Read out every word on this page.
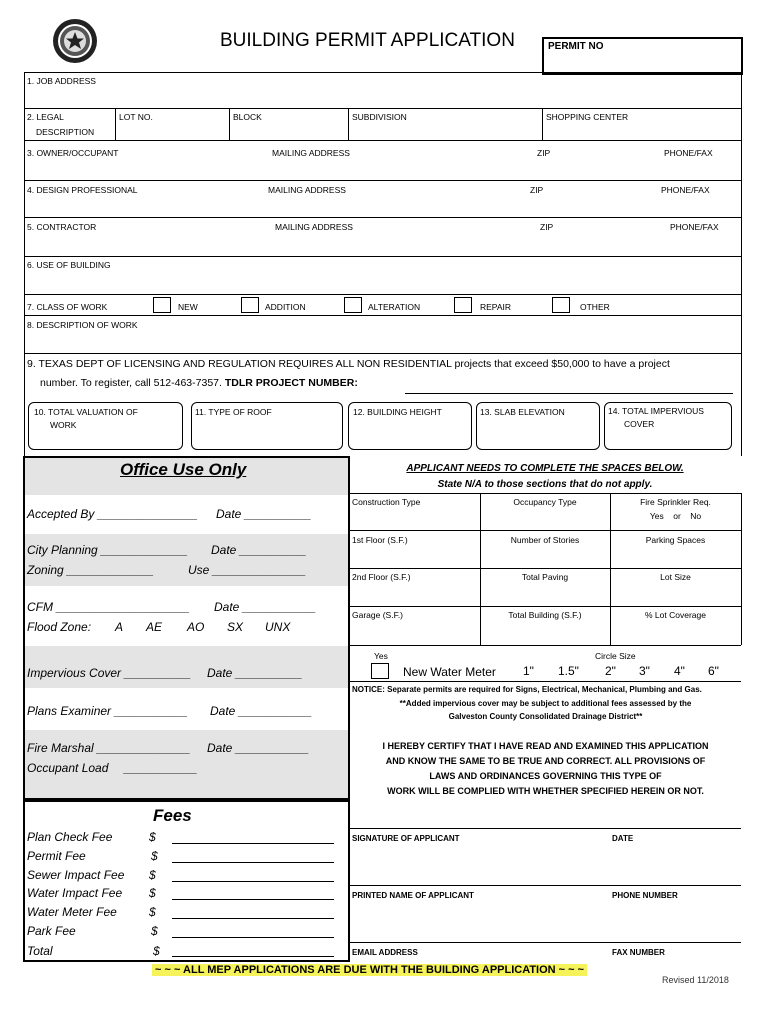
BUILDING PERMIT APPLICATION	PERMIT NO
1. JOB ADDRESS
2. LEGAL
DESCRIPTION
LOT NO.	BLOCK	SUBDIVISION	SHOPPING CENTER
3. OWNER/OCCUPANT	MAILING ADDRESS	ZIP	PHONE/FAX
4. DESIGN PROFESSIONAL	MAILING ADDRESS	ZIP	PHONE/FAX
5. CONTRACTOR	MAILING ADDRESS	ZIP	PHONE/FAX
6. USE OF BUILDING
7. CLASS OF WORK	NEW	ADDITION	ALTERATION	REPAIR	OTHER
8. DESCRIPTION OF WORK
9. TEXAS DEPT OF LICENSING AND REGULATION REQUIRES ALL NON RESIDENTIAL projects that exceed $50,000 to have a project
number. To register, call 512-463-7357. TDLR PROJECT NUMBER:
10. TOTAL VALUATION OF
WORK
11. TYPE OF ROOF	12. BUILDING HEIGHT	13. SLAB ELEVATION	14. TOTAL IMPERVIOUS
COVER
Office Use Only
Accepted By _______________ Date __________
City Planning _____________ Date __________
Zoning _____________	Use ______________
CFM ____________________ Date ___________
Flood Zone: A AE AO SX UNX
Impervious Cover __________ Date __________
Plans Examiner ___________ Date ___________
Fire Marshal ______________ Date ___________
Occupant Load ___________
Fees
Plan Check Fee	$
Permit Fee	$
Sewer Impact Fee $
Water Impact Fee $
Water Meter Fee	$
Park Fee	$
Total	$
APPLICANT NEEDS TO COMPLETE THE SPACES BELOW.
State N/A to those sections that do not apply.
Construction Type	Occupancy Type	Fire Sprinkler Req.
Yes    or    No
1st Floor (S.F.)	Number of Stories	Parking Spaces
2nd Floor (S.F.)	Total Paving	Lot Size
Garage (S.F.)	Total Building (S.F.)	% Lot Coverage
Yes	Circle Size
New Water Meter 1" 1.5" 2" 3" 4" 6"
NOTICE: Separate permits are required for Signs, Electrical, Mechanical, Plumbing and Gas.
**Added impervious cover may be subject to additional fees assessed by the
Galveston County Consolidated Drainage District**
I HEREBY CERTIFY THAT I HAVE READ AND EXAMINED THIS APPLICATION
AND KNOW THE SAME TO BE TRUE AND CORRECT. ALL PROVISIONS OF
LAWS AND ORDINANCES GOVERNING THIS TYPE OF
WORK WILL BE COMPLIED WITH WHETHER SPECIFIED HEREIN OR NOT.
SIGNATURE OF APPLICANT	DATE
PRINTED NAME OF APPLICANT	PHONE NUMBER
EMAIL ADDRESS	FAX NUMBER
~ ~ ~ ALL MEP APPLICATIONS ARE DUE WITH THE BUILDING APPLICATION ~ ~ ~
Revised 11/2018
